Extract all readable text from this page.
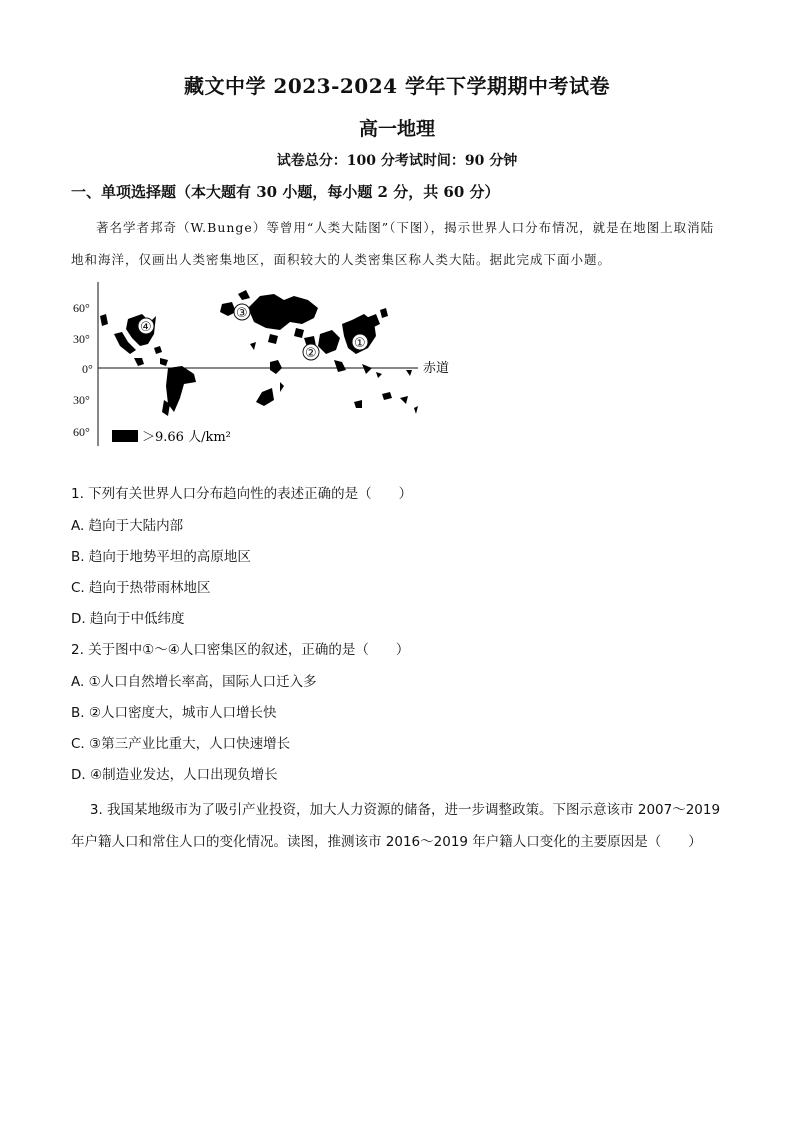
藏文中学 2023-2024 学年下学期期中考试卷
高一地理
试卷总分：100 分考试时间：90 分钟
一、单项选择题（本大题有 30 小题，每小题 2 分，共 60 分）

著名学者邦奇（W.Bunge）等曾用“人类大陆图”（下图），揭示世界人口分布情况，就是在地图上取消陆地和海洋，仅画出人类密集地区，面积较大的人类密集区称人类大陆。据此完成下面小题。

60°
30°
0°
30°
60°
赤道
①
②
③
④
＞9.66 人/km²
1. 下列有关世界人口分布趋向性的表述正确的是（　　）
A. 趋向于大陆内部
B. 趋向于地势平坦的高原地区
C. 趋向于热带雨林地区
D. 趋向于中低纬度
2. 关于图中①～④人口密集区的叙述，正确的是（　　）
A. ①人口自然增长率高，国际人口迁入多
B. ②人口密度大，城市人口增长快
C. ③第三产业比重大，人口快速增长
D. ④制造业发达，人口出现负增长

3. 我国某地级市为了吸引产业投资，加大人力资源的储备，进一步调整政策。下图示意该市 2007～2019 年户籍人口和常住人口的变化情况。读图，推测该市 2016～2019 年户籍人口变化的主要原因是（　　）
